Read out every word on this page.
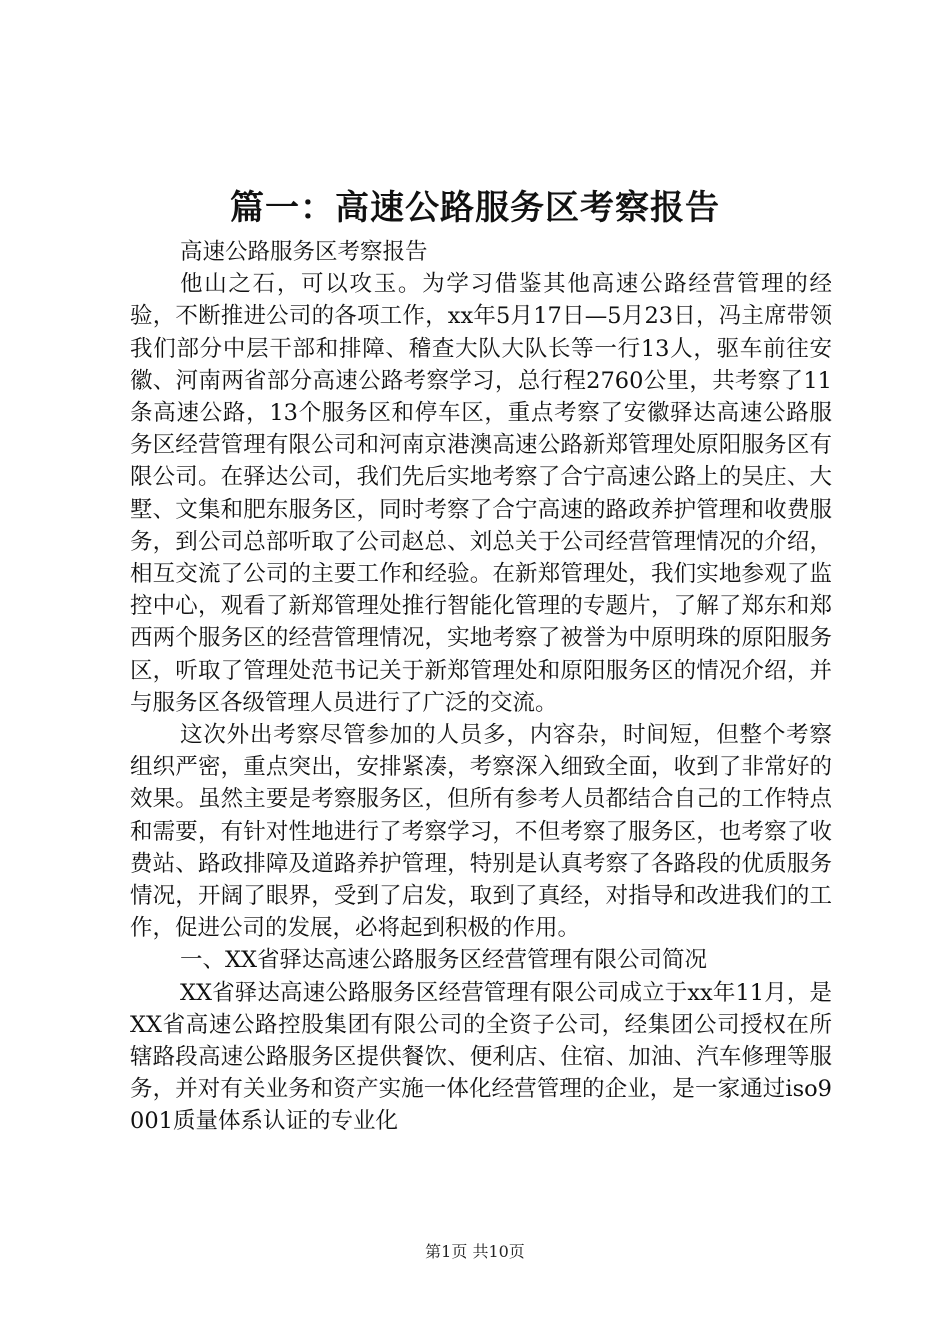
篇一：高速公路服务区考察报告

高速公路服务区考察报告

他山之石，可以攻玉。为学习借鉴其他高速公路经营管理的经验，不断推进公司的各项工作，xx年5月17日—5月23日，冯主席带领我们部分中层干部和排障、稽查大队大队长等一行13人，驱车前往安徽、河南两省部分高速公路考察学习，总行程2760公里，共考察了11条高速公路，13个服务区和停车区，重点考察了安徽驿达高速公路服务区经营管理有限公司和河南京港澳高速公路新郑管理处原阳服务区有限公司。在驿达公司，我们先后实地考察了合宁高速公路上的吴庄、大墅、文集和肥东服务区，同时考察了合宁高速的路政养护管理和收费服务，到公司总部听取了公司赵总、刘总关于公司经营管理情况的介绍，相互交流了公司的主要工作和经验。在新郑管理处，我们实地参观了监控中心，观看了新郑管理处推行智能化管理的专题片，了解了郑东和郑西两个服务区的经营管理情况，实地考察了被誉为中原明珠的原阳服务区，听取了管理处范书记关于新郑管理处和原阳服务区的情况介绍，并与服务区各级管理人员进行了广泛的交流。

这次外出考察尽管参加的人员多，内容杂，时间短，但整个考察组织严密，重点突出，安排紧凑，考察深入细致全面，收到了非常好的效果。虽然主要是考察服务区，但所有参考人员都结合自己的工作特点和需要，有针对性地进行了考察学习，不但考察了服务区，也考察了收费站、路政排障及道路养护管理，特别是认真考察了各路段的优质服务情况，开阔了眼界，受到了启发，取到了真经，对指导和改进我们的工作，促进公司的发展，必将起到积极的作用。

一、XX省驿达高速公路服务区经营管理有限公司简况

XX省驿达高速公路服务区经营管理有限公司成立于xx年11月，是XX省高速公路控股集团有限公司的全资子公司，经集团公司授权在所辖路段高速公路服务区提供餐饮、便利店、住宿、加油、汽车修理等服务，并对有关业务和资产实施一体化经营管理的企业，是一家通过iso9001质量体系认证的专业化

第1页 共10页
